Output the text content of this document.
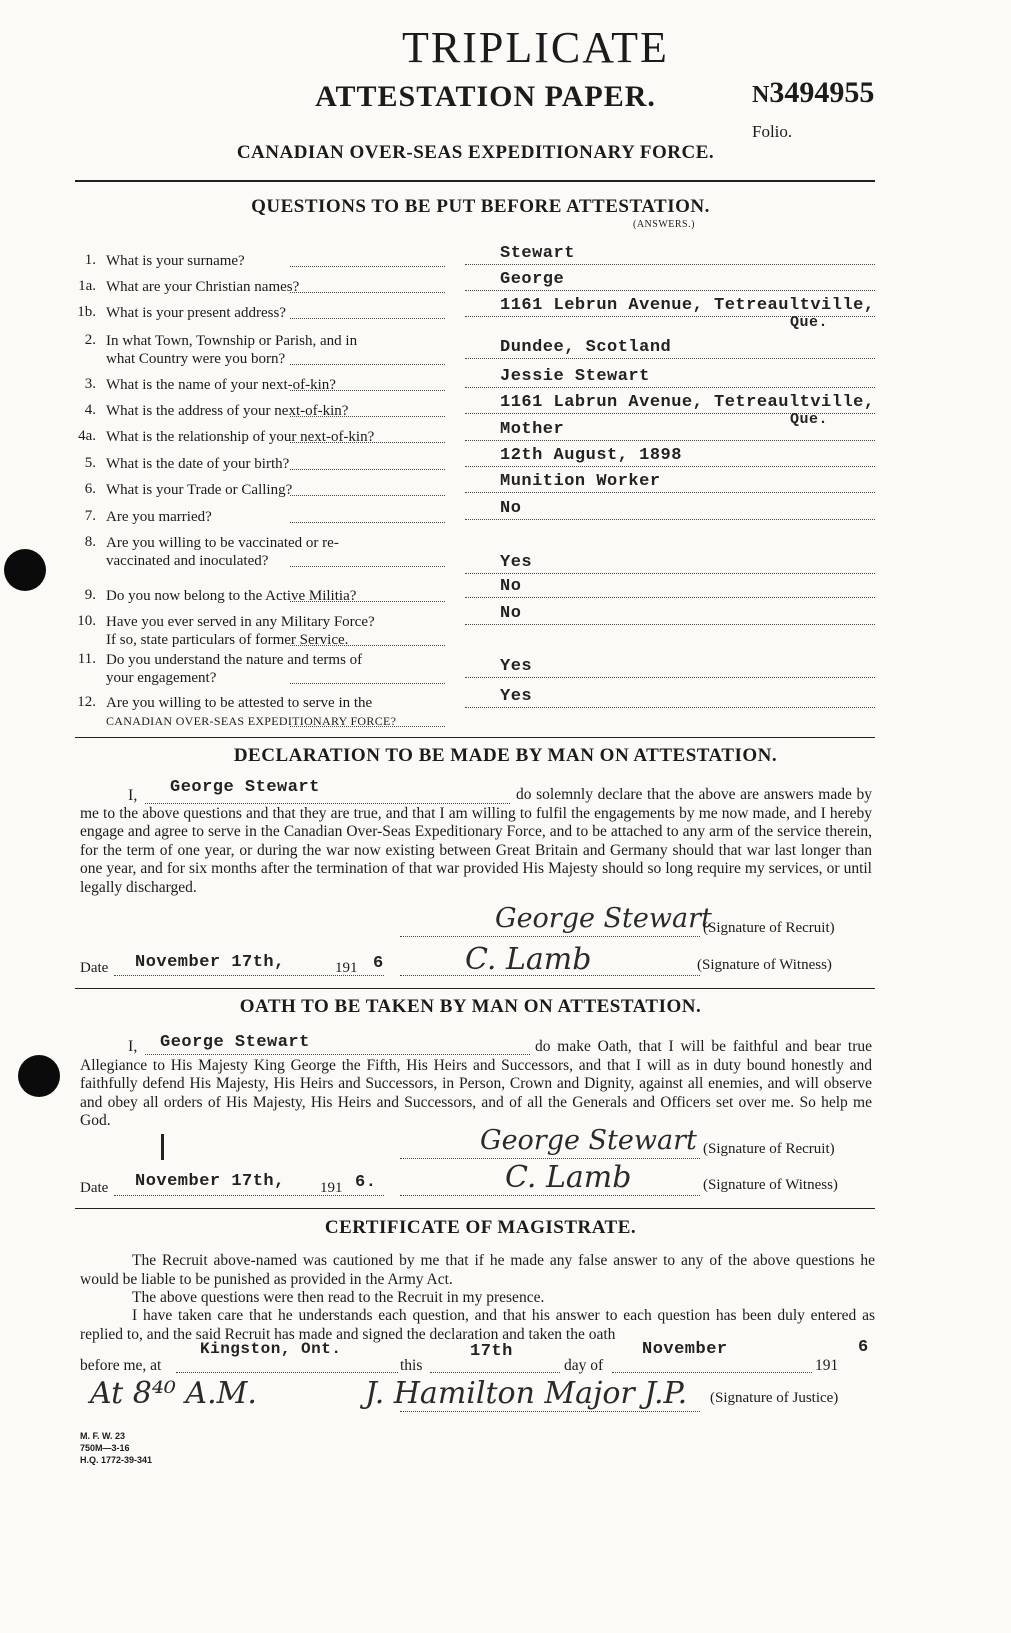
TRIPLICATE
ATTESTATION PAPER.	N3494955
Folio.
CANADIAN OVER-SEAS EXPEDITIONARY FORCE.
QUESTIONS TO BE PUT BEFORE ATTESTATION.
(ANSWERS.)
1. What is your surname?	Stewart
1a. What are your Christian names?	George
1b. What is your present address?	1161 Lebrun Avenue, Tetreaultville,
Que.
2. In what Town, Township or Parish, and in
what Country were you born?
Dundee, Scotland
3. What is the name of your next-of-kin?	Jessie Stewart
4. What is the address of your next-of-kin?	1161 Labrun Avenue, Tetreaultville,
Que.
4a. What is the relationship of your next-of-kin?	Mother
5. What is the date of your birth?	12th August, 1898
6. What is your Trade or Calling?	Munition Worker
7. Are you married?	No
8. Are you willing to be vaccinated or re-
vaccinated and inoculated?	Yes
9. Do you now belong to the Active Militia?	No
10. Have you ever served in any Military Force?
If so, state particulars of former Service.
No
11. Do you understand the nature and terms of
your engagement?
Yes
12. Are you willing to be attested to serve in the
CANADIAN OVER-SEAS EXPEDITIONARY FORCE?
Yes
DECLARATION TO BE MADE BY MAN ON ATTESTATION.
I, George Stewart	do solemnly declare that the above are answers made by me to the above questions and that they are true, and that I am willing to fulfil the engagements by me now made, and I hereby engage and agree to serve in the Canadian Over-Seas Expeditionary Force, and to be attached to any arm of the service therein, for the term of one year, or during the war now existing between Great Britain and Germany should that war last longer than one year, and for six months after the termination of that war provided His Majesty should so long require my services, or until legally discharged.
George Stewart
(Signature of Recruit)
Date November 17th,	191 6	C. Lamb	(Signature of Witness)
OATH TO BE TAKEN BY MAN ON ATTESTATION.
I, George Stewart	do make Oath, that I will be faithful and bear true Allegiance to His Majesty King George the Fifth, His Heirs and Successors, and that I will as in duty bound honestly and faithfully defend His Majesty, His Heirs and Successors, in Person, Crown and Dignity, against all enemies, and will observe and obey all orders of His Majesty, His Heirs and Successors, and of all the Generals and Officers set over me. So help me God.
George Stewart (Signature of Recruit)
Date November 17th, 191 6.	C. Lamb	(Signature of Witness)
CERTIFICATE OF MAGISTRATE.
The Recruit above-named was cautioned by me that if he made any false answer to any of the above questions he would be liable to be punished as provided in the Army Act.
The above questions were then read to the Recruit in my presence.
I have taken care that he understands each question, and that his answer to each question has been duly entered as replied to, and the said Recruit has made and signed the declaration and taken the oath
before me, at
Kingston, Ont.
this
17th
day of
November
191
6
At 8⁴⁰ A.M.	J. Hamilton Major J.P. (Signature of Justice)
M. F. W. 23
750M—3-16
H.Q. 1772-39-341
